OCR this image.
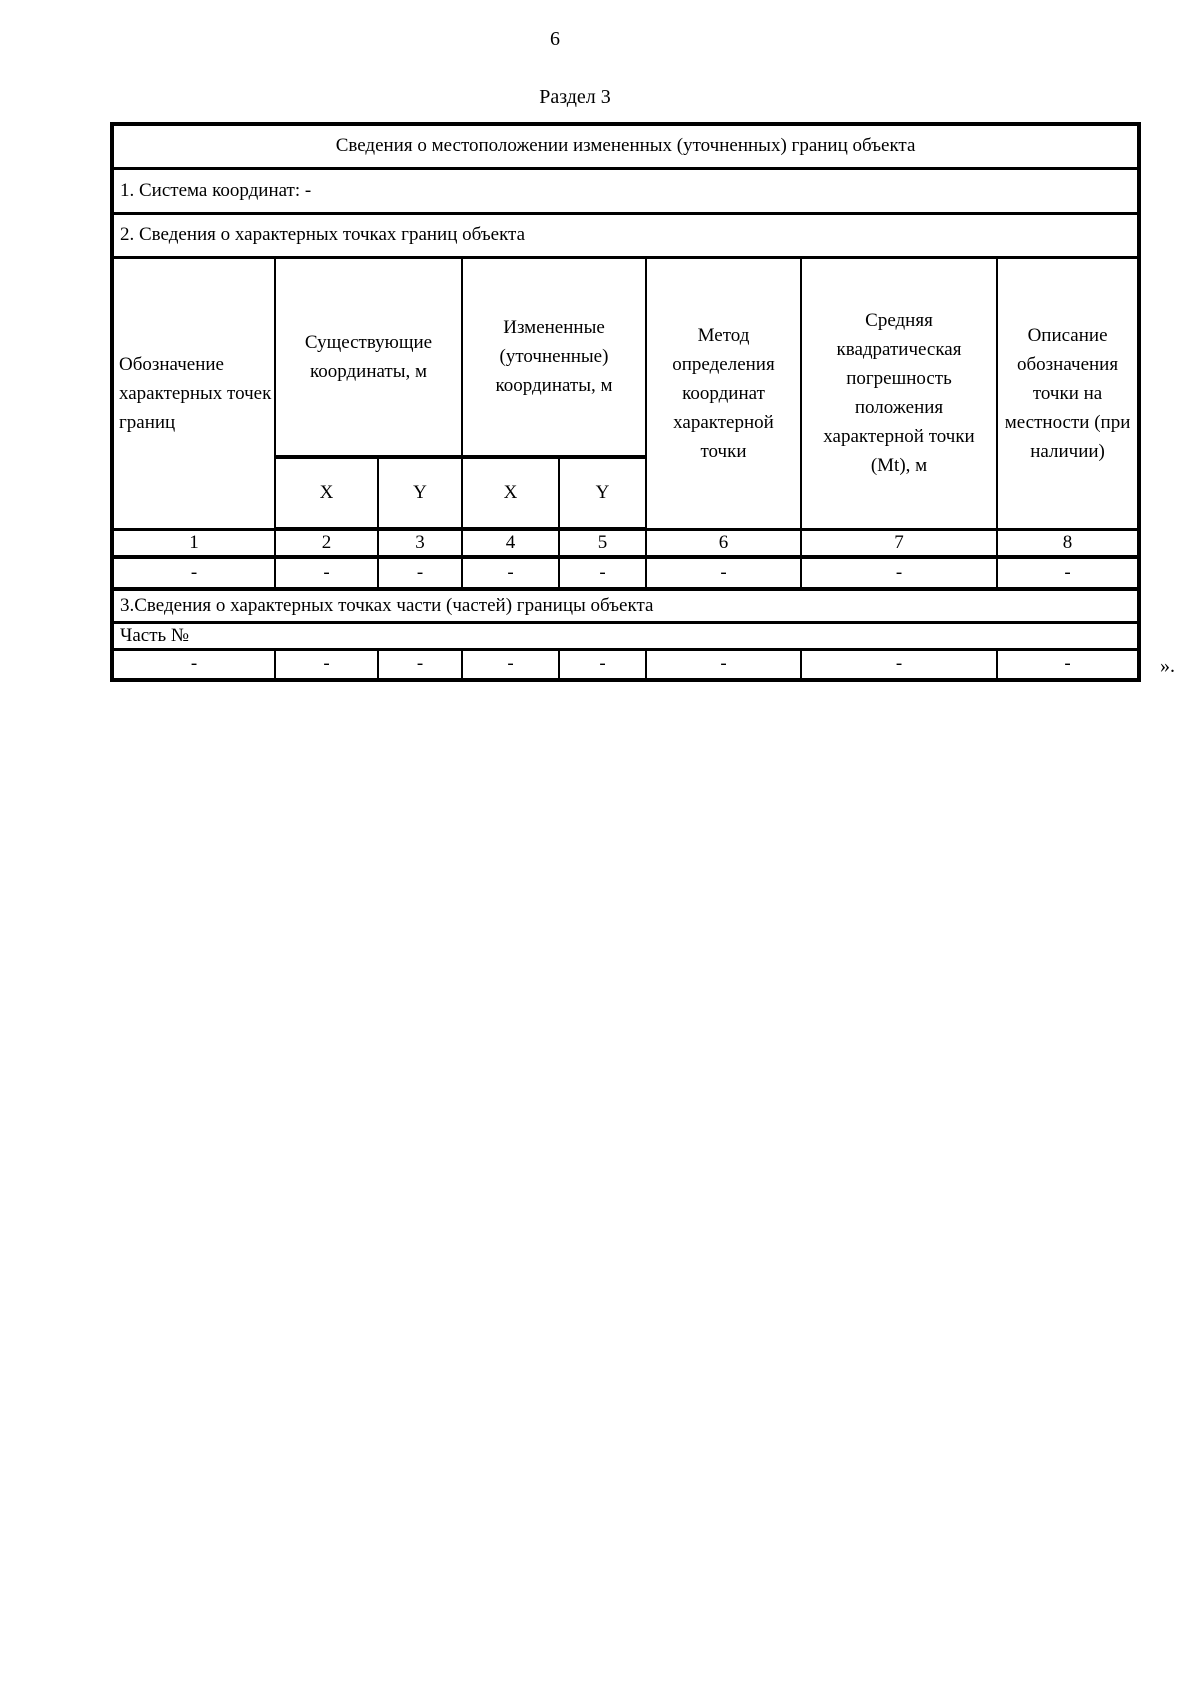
6
Раздел 3
Сведения о местоположении измененных (уточненных) границ объекта							
1. Система координат: -							
2. Сведения о характерных точках границ объекта							
Обозначение характерных точек границ	Существующие координаты, м		Измененные (уточненные) координаты, м		Метод определения координат характерной точки	Средняя квадратическая погрешность положения характерной точки (Mt), м	Описание обозначения точки на местности (при наличии)
	X	Y	X	Y			
1	2	3	4	5	6	7	8
-	-	-	-	-	-	-	-
3.Сведения о характерных точках части (частей) границы объекта							
Часть №							
-	-	-	-	-	-	-	-	».
